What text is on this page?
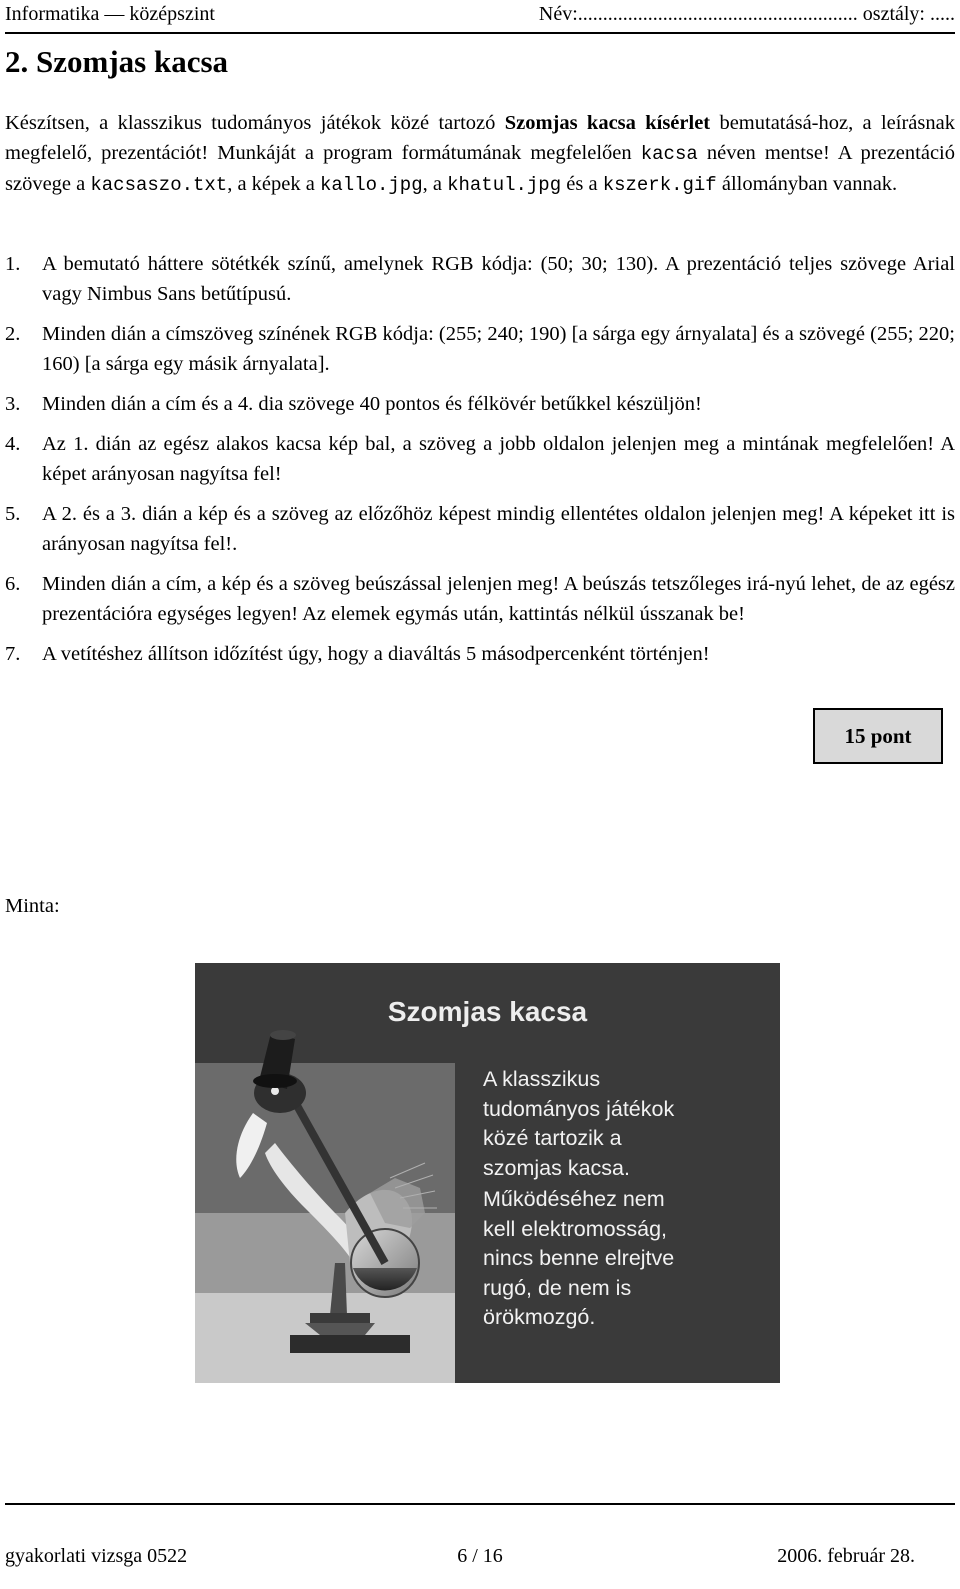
Informatika — középszint	Név:........................................................ osztály: .....
2. Szomjas kacsa
Készítsen, a klasszikus tudományos játékok közé tartozó Szomjas kacsa kísérlet bemutatásá-hoz, a leírásnak megfelelő, prezentációt! Munkáját a program formátumának megfelelően kacsa néven mentse! A prezentáció szövege a kacsaszo.txt, a képek a kallo.jpg, a khatul.jpg és a kszerk.gif állományban vannak.
1. A bemutató háttere sötétkék színű, amelynek RGB kódja: (50; 30; 130). A prezentáció teljes szövege Arial vagy Nimbus Sans betűtípusú.
2. Minden dián a címszöveg színének RGB kódja: (255; 240; 190) [a sárga egy árnyalata] és a szövegé (255; 220; 160) [a sárga egy másik árnyalata].
3. Minden dián a cím és a 4. dia szövege 40 pontos és félkövér betűkkel készüljön!
4. Az 1. dián az egész alakos kacsa kép bal, a szöveg a jobb oldalon jelenjen meg a mintának megfelelően! A képet arányosan nagyítsa fel!
5. A 2. és a 3. dián a kép és a szöveg az előzőhöz képest mindig ellentétes oldalon jelenjen meg! A képeket itt is arányosan nagyítsa fel!.
6. Minden dián a cím, a kép és a szöveg beúszással jelenjen meg! A beúszás tetszőleges irá-nyú lehet, de az egész prezentációra egységes legyen! Az elemek egymás után, kattintás nélkül ússzanak be!
7. A vetítéshez állítson időzítést úgy, hogy a diaváltás 5 másodpercenként történjen!
15 pont
Minta:
Szomjas kacsa
A klasszikus
tudományos játékok
közé tartozik a
szomjas kacsa.
Működéséhez nem
kell elektromosság,
nincs benne elrejtve
rugó, de nem is
örökmozgó.
gyakorlati vizsga 0522	6 / 16	2006. február 28.
